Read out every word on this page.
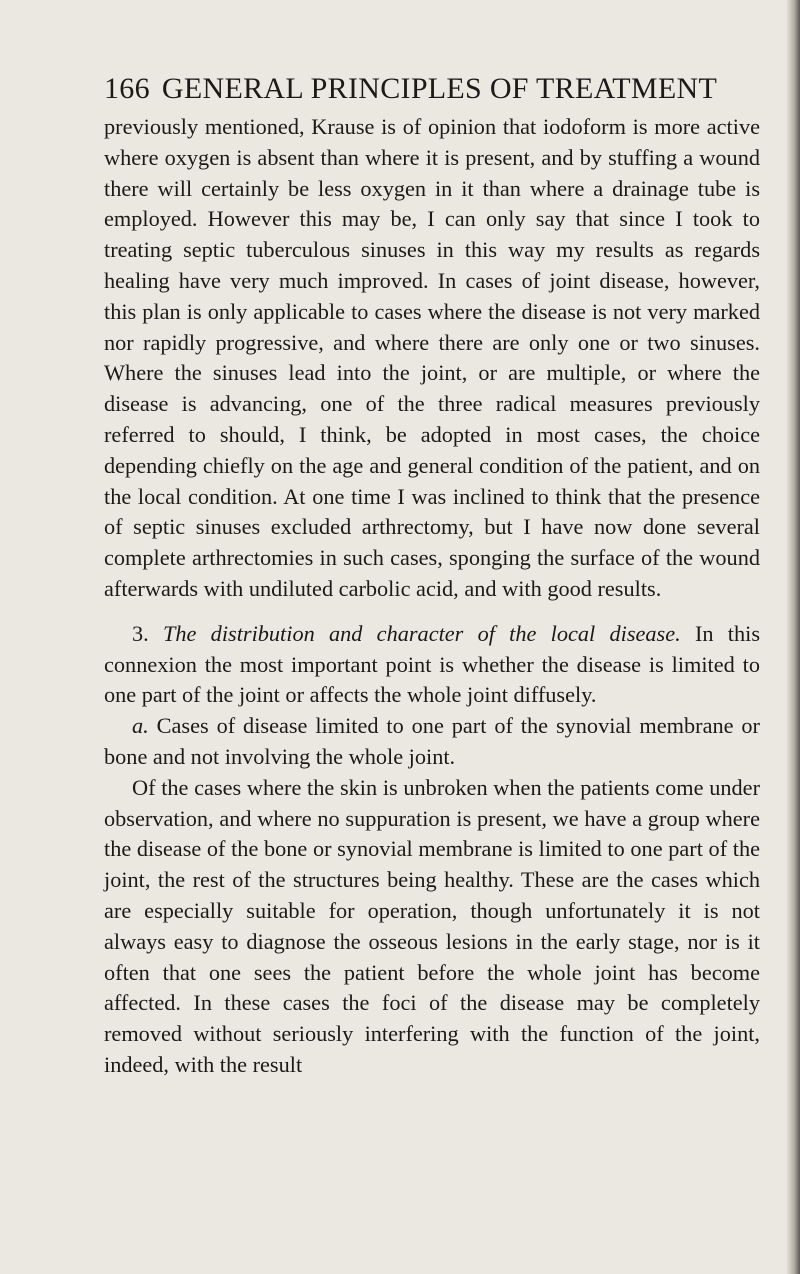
166 GENERAL PRINCIPLES OF TREATMENT

previously mentioned, Krause is of opinion that iodoform is more active where oxygen is absent than where it is present, and by stuffing a wound there will certainly be less oxygen in it than where a drainage tube is employed. However this may be, I can only say that since I took to treating septic tuberculous sinuses in this way my results as regards healing have very much improved. In cases of joint disease, however, this plan is only applicable to cases where the disease is not very marked nor rapidly progressive, and where there are only one or two sinuses. Where the sinuses lead into the joint, or are multiple, or where the disease is advancing, one of the three radical measures previously referred to should, I think, be adopted in most cases, the choice depending chiefly on the age and general condition of the patient, and on the local condition. At one time I was inclined to think that the presence of septic sinuses excluded arthrectomy, but I have now done several complete arthrectomies in such cases, sponging the surface of the wound afterwards with undiluted carbolic acid, and with good results.

3. The distribution and character of the local disease. In this connexion the most important point is whether the disease is limited to one part of the joint or affects the whole joint diffusely.

a. Cases of disease limited to one part of the synovial membrane or bone and not involving the whole joint.

Of the cases where the skin is unbroken when the patients come under observation, and where no suppuration is present, we have a group where the disease of the bone or synovial membrane is limited to one part of the joint, the rest of the structures being healthy. These are the cases which are especially suitable for operation, though unfortunately it is not always easy to diagnose the osseous lesions in the early stage, nor is it often that one sees the patient before the whole joint has become affected. In these cases the foci of the disease may be completely removed without seriously interfering with the function of the joint, indeed, with the result
